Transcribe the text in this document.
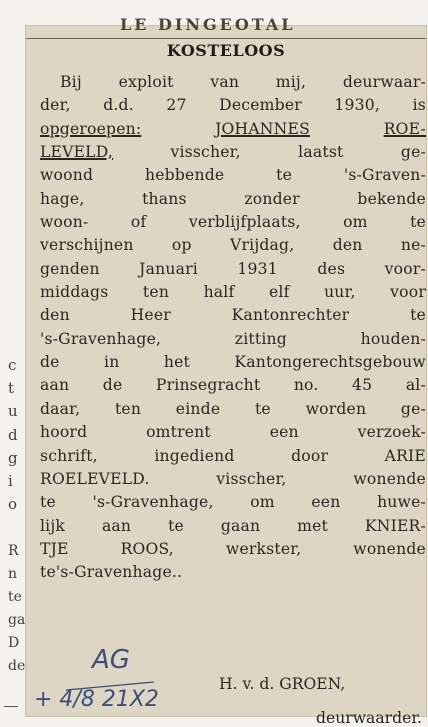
LE DINGEOTAL
KOSTELOOS
Bij exploit van mij, deurwaar-
der, d.d. 27 December 1930, is
opgeroepen:	JOHANNES	ROE-
LEVELD,	visscher,	laatst	ge-
woond	hebbende	te	's-Graven-
hage,	thans	zonder	bekende
woon-	of	verblijfplaats,	om	te
verschijnen op Vrijdag, den ne-
genden	Januari	1931	des	voor-
middags ten half elf uur, voor
den	Heer	Kantonrechter	te
's-Gravenhage,	zitting	houden-
de	in	het	Kantongerechtsgebouw
aan de Prinsegracht no. 45 al-
daar, ten einde te worden ge-
hoord	omtrent	een	verzoek-
schrift,	ingediend	door	ARIE
ROELEVELD.	visscher,	wonende
te 's-Gravenhage, om een huwe-
lijk aan te gaan met KNIER-
TJE	ROOS,	werkster,	wonende
te 's-Gravenhage..
H. v. d. GROEN,
deurwaarder.
c
t
u
d
g
i
o
R
n
te
ga
D
de	AG
+ 4/8 21X2
